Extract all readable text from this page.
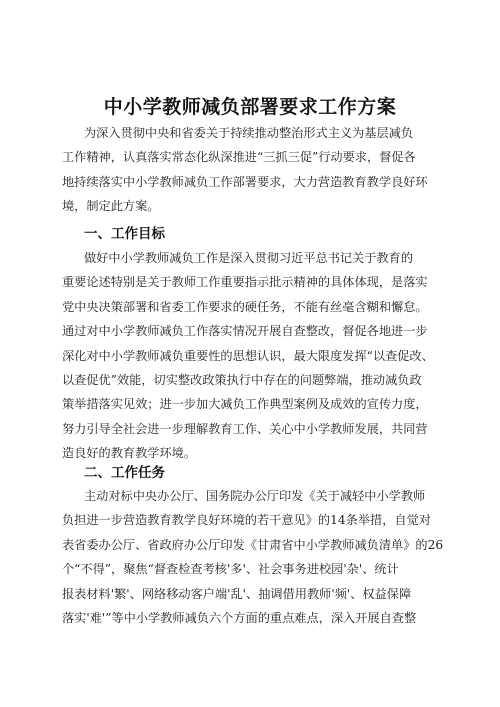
中小学教师减负部署要求工作方案
为深入贯彻中央和省委关于持续推动整治形式主义为基层减负
工作精神，认真落实常态化纵深推进“三抓三促”行动要求，督促各
地持续落实中小学教师减负工作部署要求，大力营造教育教学良好环
境，制定此方案。
一、工作目标
做好中小学教师减负工作是深入贯彻习近平总书记关于教育的
重要论述特别是关于教师工作重要指示批示精神的具体体现，是落实
党中央决策部署和省委工作要求的硬任务，不能有丝毫含糊和懈怠。
通过对中小学教师减负工作落实情况开展自查整改，督促各地进一步
深化对中小学教师减负重要性的思想认识，最大限度发挥“以查促改、
以查促优”效能，切实整改政策执行中存在的问题弊端，推动减负政
策举措落实见效；进一步加大减负工作典型案例及成效的宣传力度，
努力引导全社会进一步理解教育工作、关心中小学教师发展，共同营
造良好的教育教学环境。
二、工作任务
主动对标中央办公厅、国务院办公厅印发《关于减轻中小学教师
负担进一步营造教育教学良好环境的若干意见》的14条举措，自觉对
表省委办公厅、省政府办公厅印发《甘肃省中小学教师减负清单》的26
个“不得”，聚焦“督查检查考核'多'、社会事务进校园'杂'、统计
报表材料'繁'、网络移动客户端'乱'、抽调借用教师'频'、权益保障
落实'难'”等中小学教师减负六个方面的重点难点，深入开展自查整
